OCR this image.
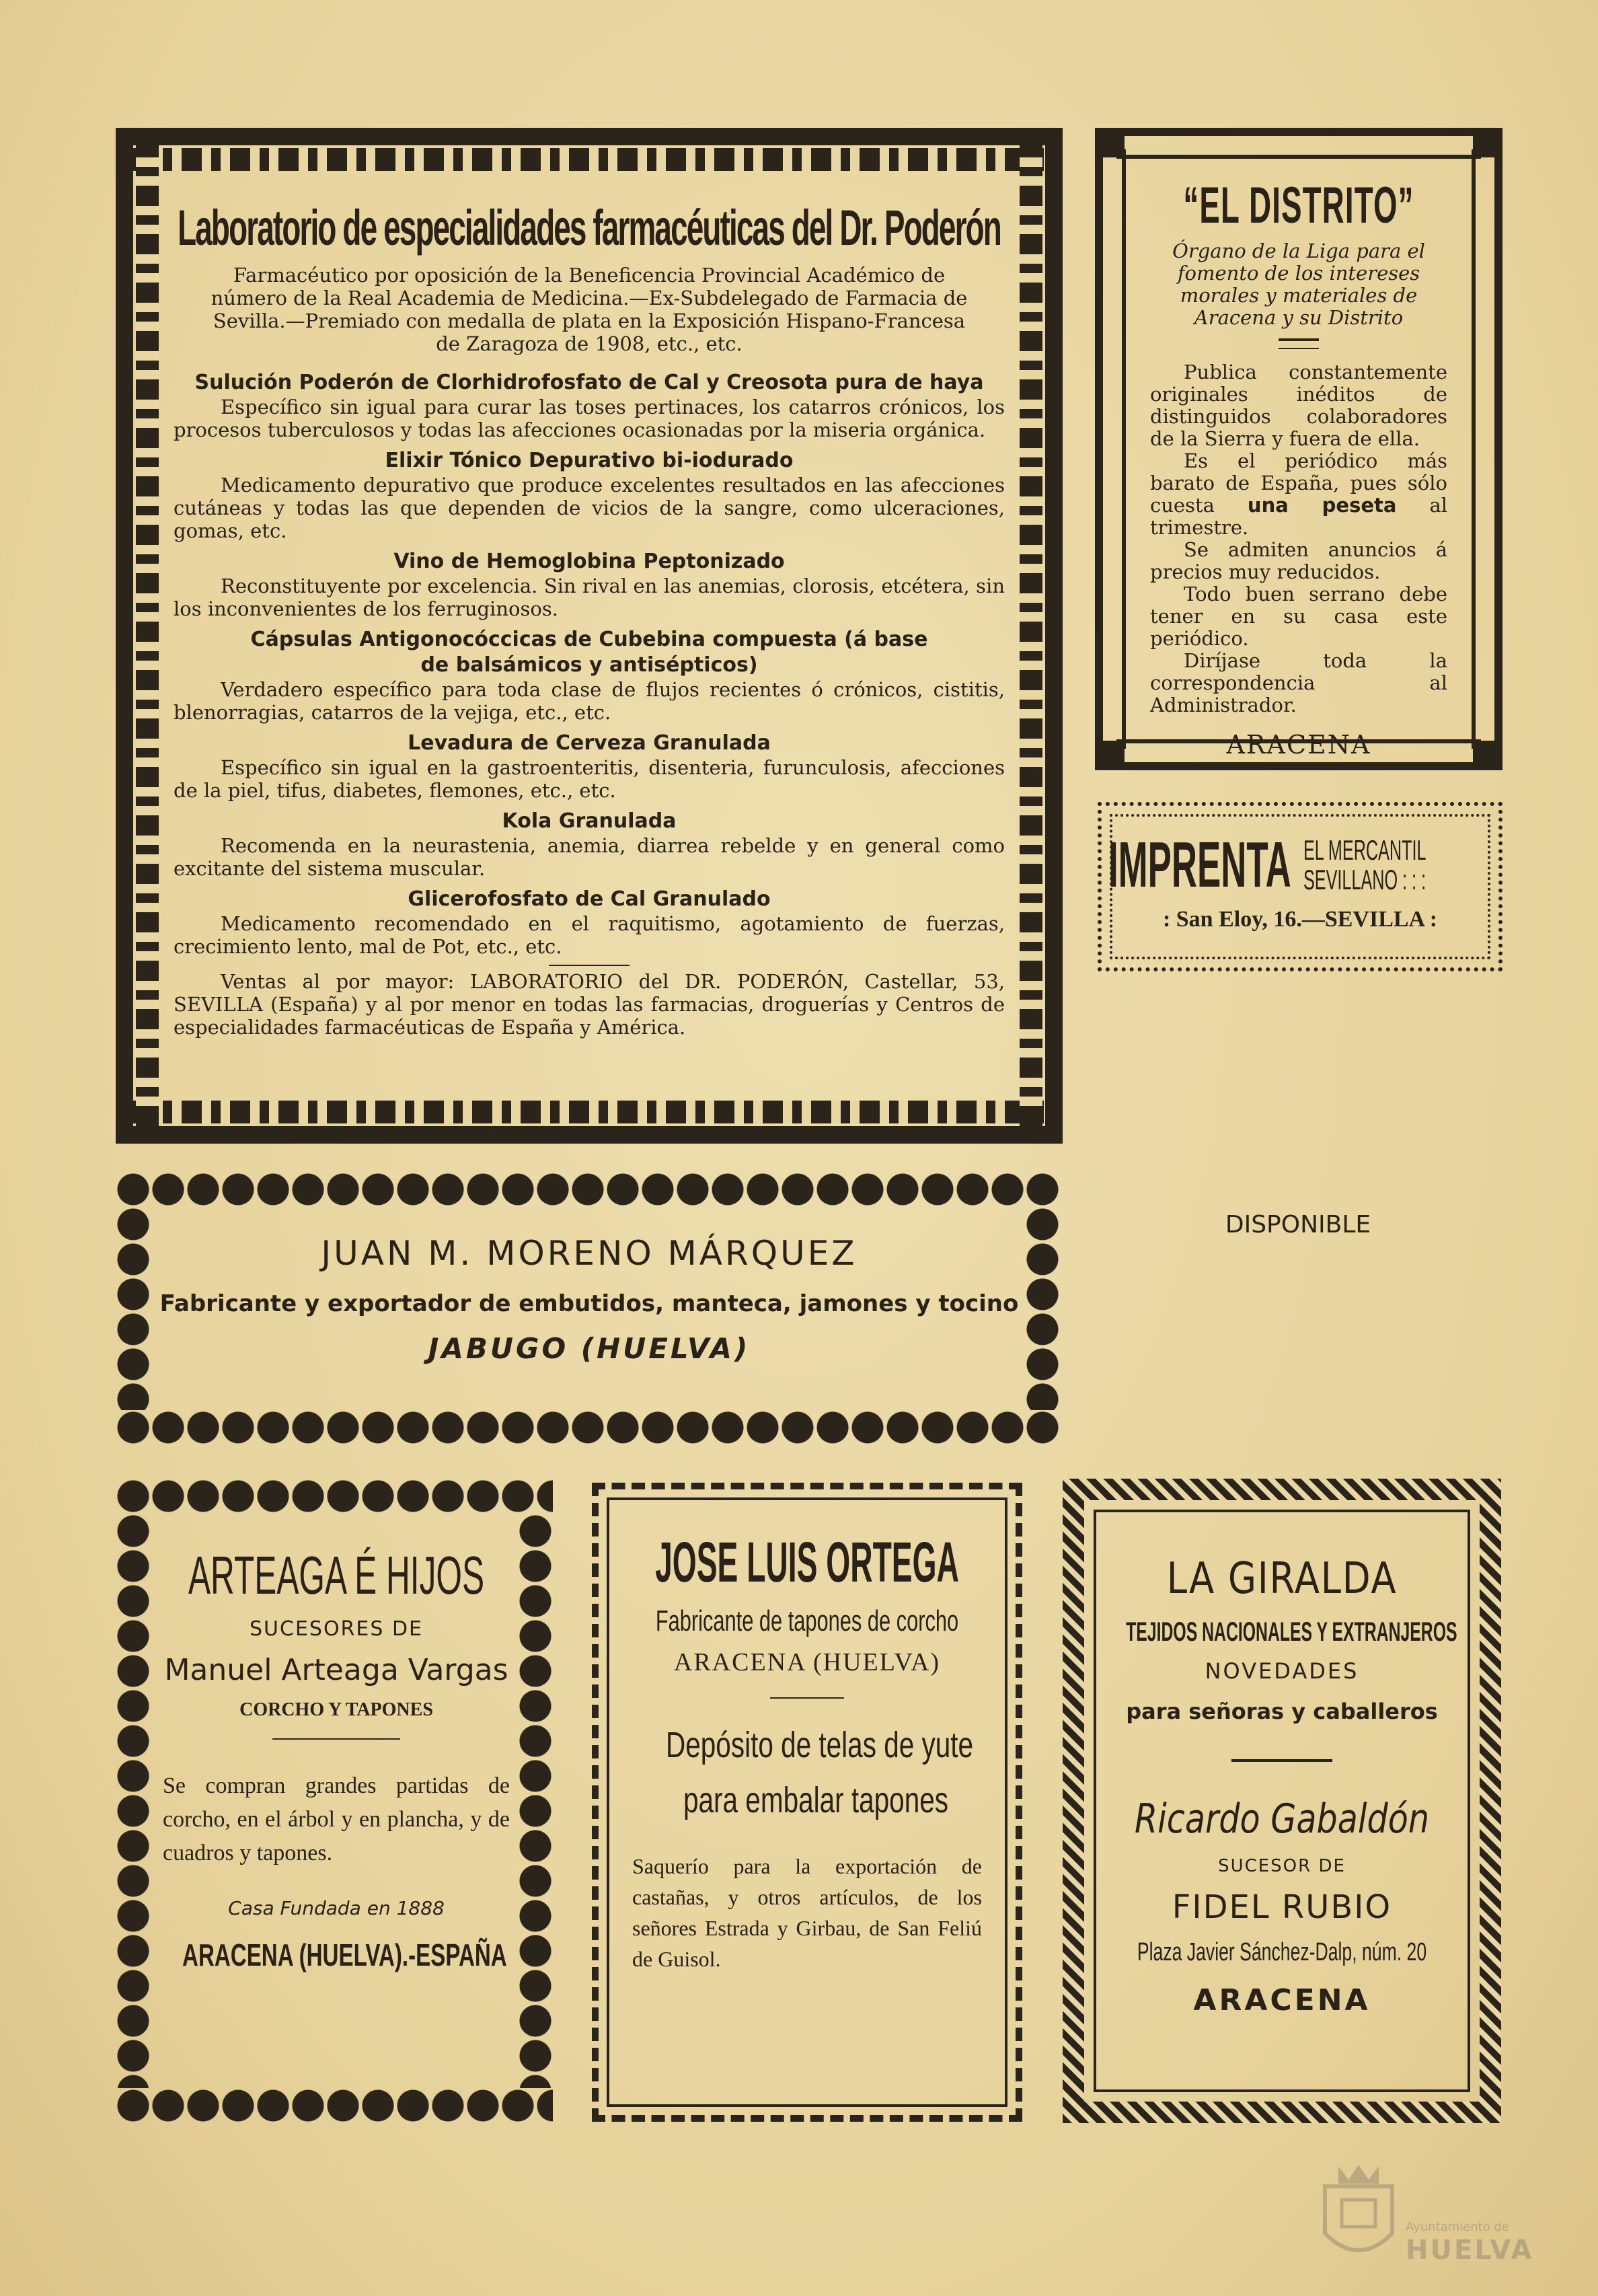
Laboratorio de especialidades farmacéuticas del Dr. Poderón

Farmacéutico por oposición de la Beneficencia Provincial Académico de número de la Real Academia de Medicina.—Ex-Subdelegado de Farmacia de Sevilla.—Premiado con medalla de plata en la Exposición Hispano-Francesa de Zaragoza de 1908, etc., etc.

Sulución Poderón de Clorhidrofosfato de Cal y Creosota pura de haya

Específico sin igual para curar las toses pertinaces, los catarros crónicos, los procesos tuberculosos y todas las afecciones ocasionadas por la miseria orgánica.

Elixir Tónico Depurativo bi-iodurado

Medicamento depurativo que produce excelentes resultados en las afecciones cutáneas y todas las que dependen de vicios de la sangre, como ulceraciones, gomas, etc.

Vino de Hemoglobina Peptonizado

Reconstituyente por excelencia. Sin rival en las anemias, clorosis, etcétera, sin los inconvenientes de los ferruginosos.

Cápsulas Antigonocóccicas de Cubebina compuesta (á base de balsámicos y antisépticos)

Verdadero específico para toda clase de flujos recientes ó crónicos, cistitis, blenorragias, catarros de la vejiga, etc., etc.

Levadura de Cerveza Granulada

Específico sin igual en la gastroenteritis, disenteria, furunculosis, afecciones de la piel, tifus, diabetes, flemones, etc., etc.

Kola Granulada

Recomenda en la neurastenia, anemia, diarrea rebelde y en general como excitante del sistema muscular.

Glicerofosfato de Cal Granulado

Medicamento recomendado en el raquitismo, agotamiento de fuerzas, crecimiento lento, mal de Pot, etc., etc.

Ventas al por mayor: LABORATORIO del DR. PODERÓN, Castellar, 53, SEVILLA (España) y al por menor en todas las farmacias, droguerías y Centros de especialidades farmacéuticas de España y América.

“EL DISTRITO”

Órgano de la Liga para el fomento de los intereses morales y materiales de Aracena y su Distrito

Publica constantemente originales inéditos de distinguidos colaboradores de la Sierra y fuera de ella.

Es el periódico más barato de España, pues sólo cuesta una peseta al trimestre.

Se admiten anuncios á precios muy reducidos.

Todo buen serrano debe tener en su casa este periódico.

Diríjase toda la correspondencia al Administrador.

ARACENA
IMPRENTA EL MERCANTIL
SEVILLANO : : :
: San Eloy, 16.—SEVILLA :
DISPONIBLE
JUAN M. MORENO MÁRQUEZ
Fabricante y exportador de embutidos, manteca, jamones y tocino
JABUGO (HUELVA)
ARTEAGA É HIJOS
SUCESORES DE
Manuel Arteaga Vargas
CORCHO Y TAPONES

Se compran grandes partidas de corcho, en el árbol y en plancha, y de cuadros y tapones.

Casa Fundada en 1888
ARACENA (HUELVA).-ESPAÑA
JOSE LUIS ORTEGA
Fabricante de tapones de corcho
ARACENA (HUELVA)
Depósito de telas de yute
para embalar tapones

Saquerío para la exportación de castañas, y otros artículos, de los señores Estrada y Girbau, de San Feliú de Guisol.

LA GIRALDA
TEJIDOS NACIONALES Y EXTRANJEROS
NOVEDADES
para señoras y caballeros
Ricardo Gabaldón
SUCESOR DE
FIDEL RUBIO
Plaza Javier Sánchez-Dalp, núm. 20
ARACENA
Ayuntamiento de
HUELVA
